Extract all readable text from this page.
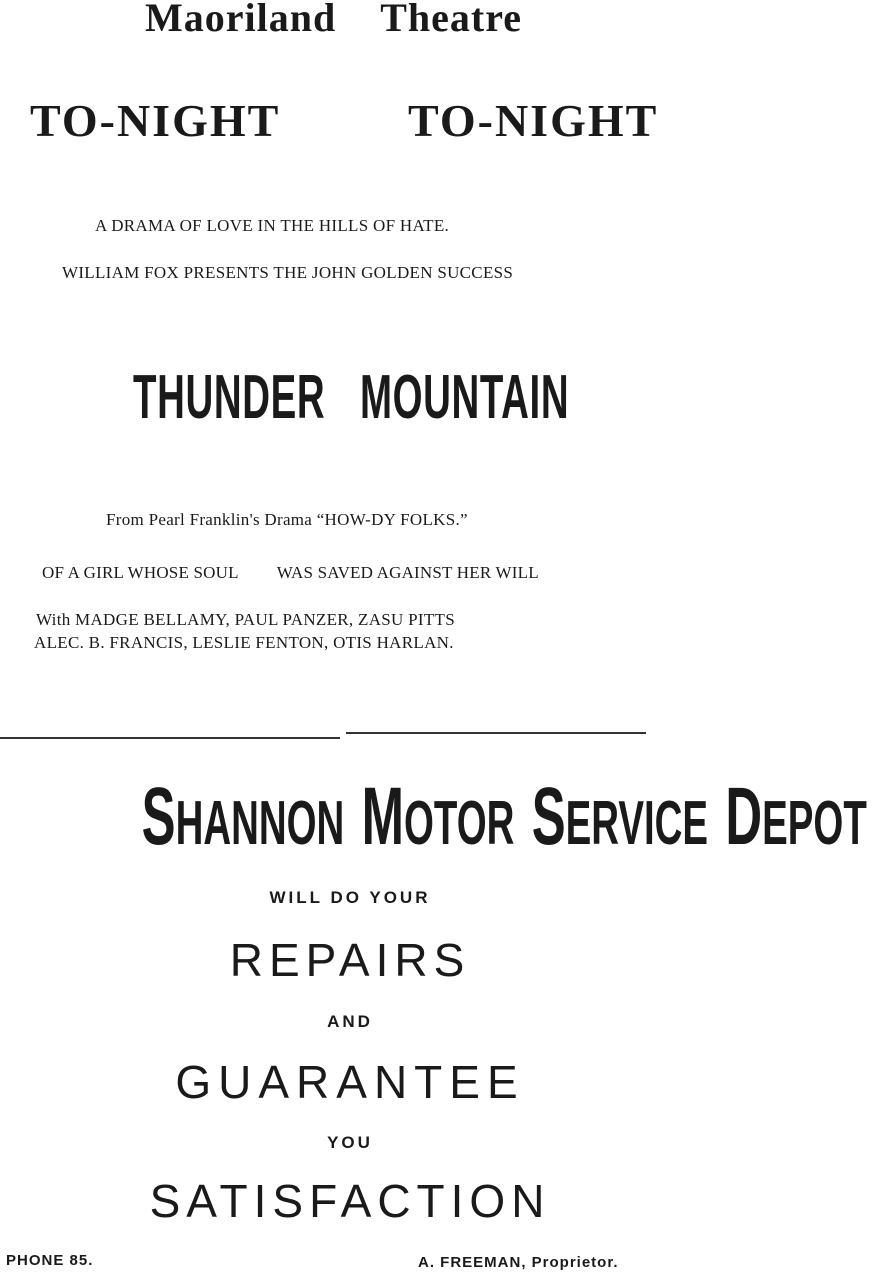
Maoriland Theatre
TO-NIGHT	TO-NIGHT
A DRAMA OF LOVE IN THE HILLS OF HATE.
WILLIAM FOX PRESENTS THE JOHN GOLDEN SUCCESS
THUNDER MOUNTAIN
From Pearl Franklin's Drama “HOW-DY FOLKS.”
OF A GIRL WHOSE SOUL WAS SAVED AGAINST HER WILL
With MADGE BELLAMY, PAUL PANZER, ZASU PITTS
ALEC. B. FRANCIS, LESLIE FENTON, OTIS HARLAN.
SHANNON MOTOR SERVICE DEPOT
WILL DO YOUR
REPAIRS
AND
GUARANTEE
YOU
SATISFACTION
PHONE 85.	A. FREEMAN, Proprietor.
